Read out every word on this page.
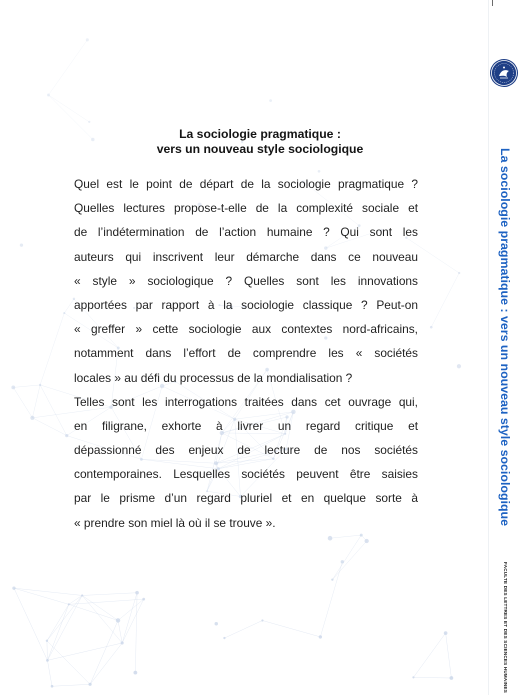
La sociologie pragmatique :
vers un nouveau style sociologique
Quel est le point de départ de la sociologie pragmatique ?
Quelles lectures propose-t-elle de la complexité sociale et
de l’indétermination de l’action humaine ? Qui sont les
auteurs qui inscrivent leur démarche dans ce nouveau
« style » sociologique ? Quelles sont les innovations
apportées par rapport à la sociologie classique ? Peut-on
« greffer » cette sociologie aux contextes nord-africains,
notamment dans l’effort de comprendre les « sociétés
locales » au défi du processus de la mondialisation ?
Telles sont les interrogations traitées dans cet ouvrage qui,
en filigrane, exhorte à livrer un regard critique et
dépassionné des enjeux de lecture de nos sociétés
contemporaines. Lesquelles sociétés peuvent être saisies
par le prisme d’un regard pluriel et en quelque sorte à
« prendre son miel là où il se trouve ».	La sociologie pragmatique : vers un nouveau style sociologique
FACULTE DES LETTRES ET DES SCIENCES HUMAINES
